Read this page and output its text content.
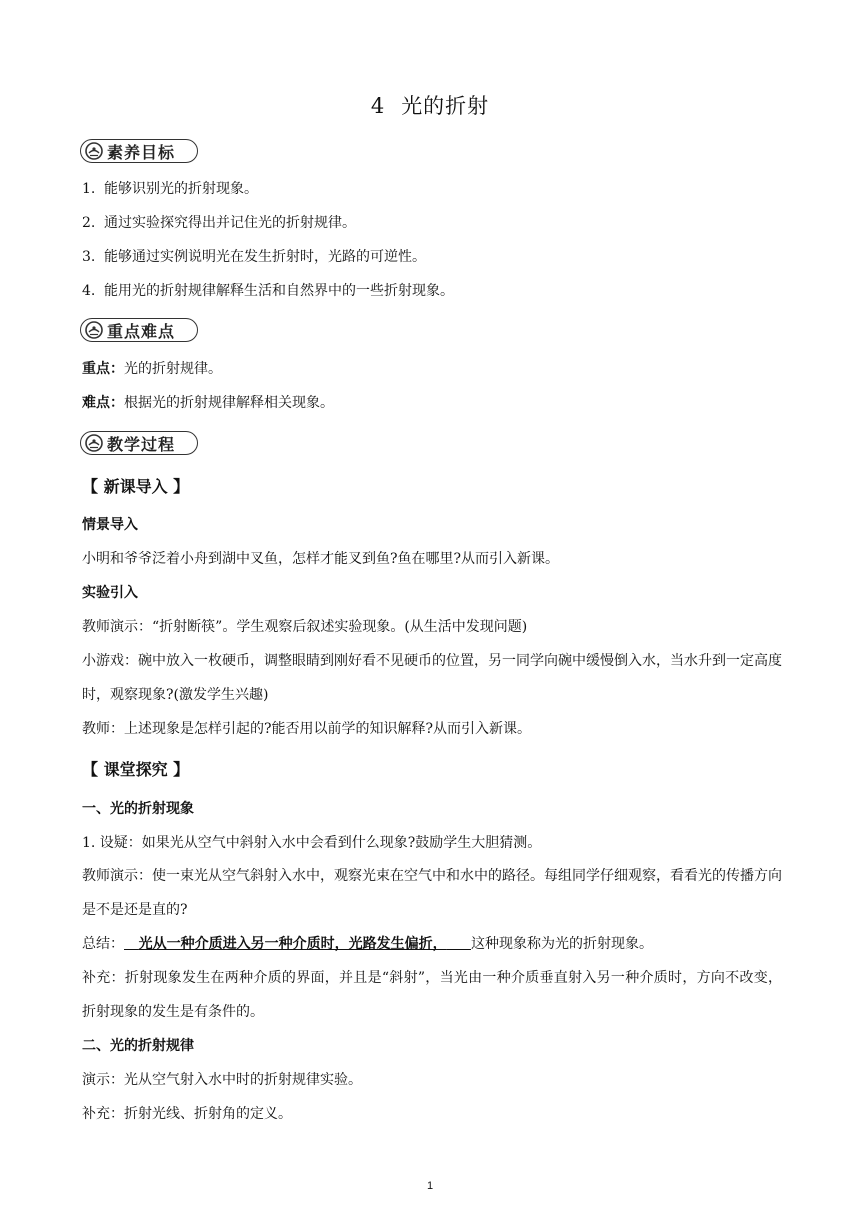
4 光的折射
素养目标
1. 能够识别光的折射现象。
2. 通过实验探究得出并记住光的折射规律。
3. 能够通过实例说明光在发生折射时，光路的可逆性。
4. 能用光的折射规律解释生活和自然界中的一些折射现象。
重点难点
重点：光的折射规律。
难点：根据光的折射规律解释相关现象。
教学过程
【 新课导入 】
情景导入
小明和爷爷泛着小舟到湖中叉鱼，怎样才能叉到鱼?鱼在哪里?从而引入新课。
实验引入
教师演示：“折射断筷”。学生观察后叙述实验现象。(从生活中发现问题)
小游戏：碗中放入一枚硬币，调整眼睛到刚好看不见硬币的位置，另一同学向碗中缓慢倒入水，当水升到一定高度时，观察现象?(激发学生兴趣)
教师：上述现象是怎样引起的?能否用以前学的知识解释?从而引入新课。
【 课堂探究 】
一、光的折射现象
1. 设疑：如果光从空气中斜射入水中会看到什么现象?鼓励学生大胆猜测。
教师演示：使一束光从空气斜射入水中，观察光束在空气中和水中的路径。每组同学仔细观察，看看光的传播方向是不是还是直的?
总结： 光从一种介质进入另一种介质时，光路发生偏折， 这种现象称为光的折射现象。
补充：折射现象发生在两种介质的界面，并且是“斜射”，当光由一种介质垂直射入另一种介质时，方向不改变，折射现象的发生是有条件的。
二、光的折射规律
演示：光从空气射入水中时的折射规律实验。
补充：折射光线、折射角的定义。
1
